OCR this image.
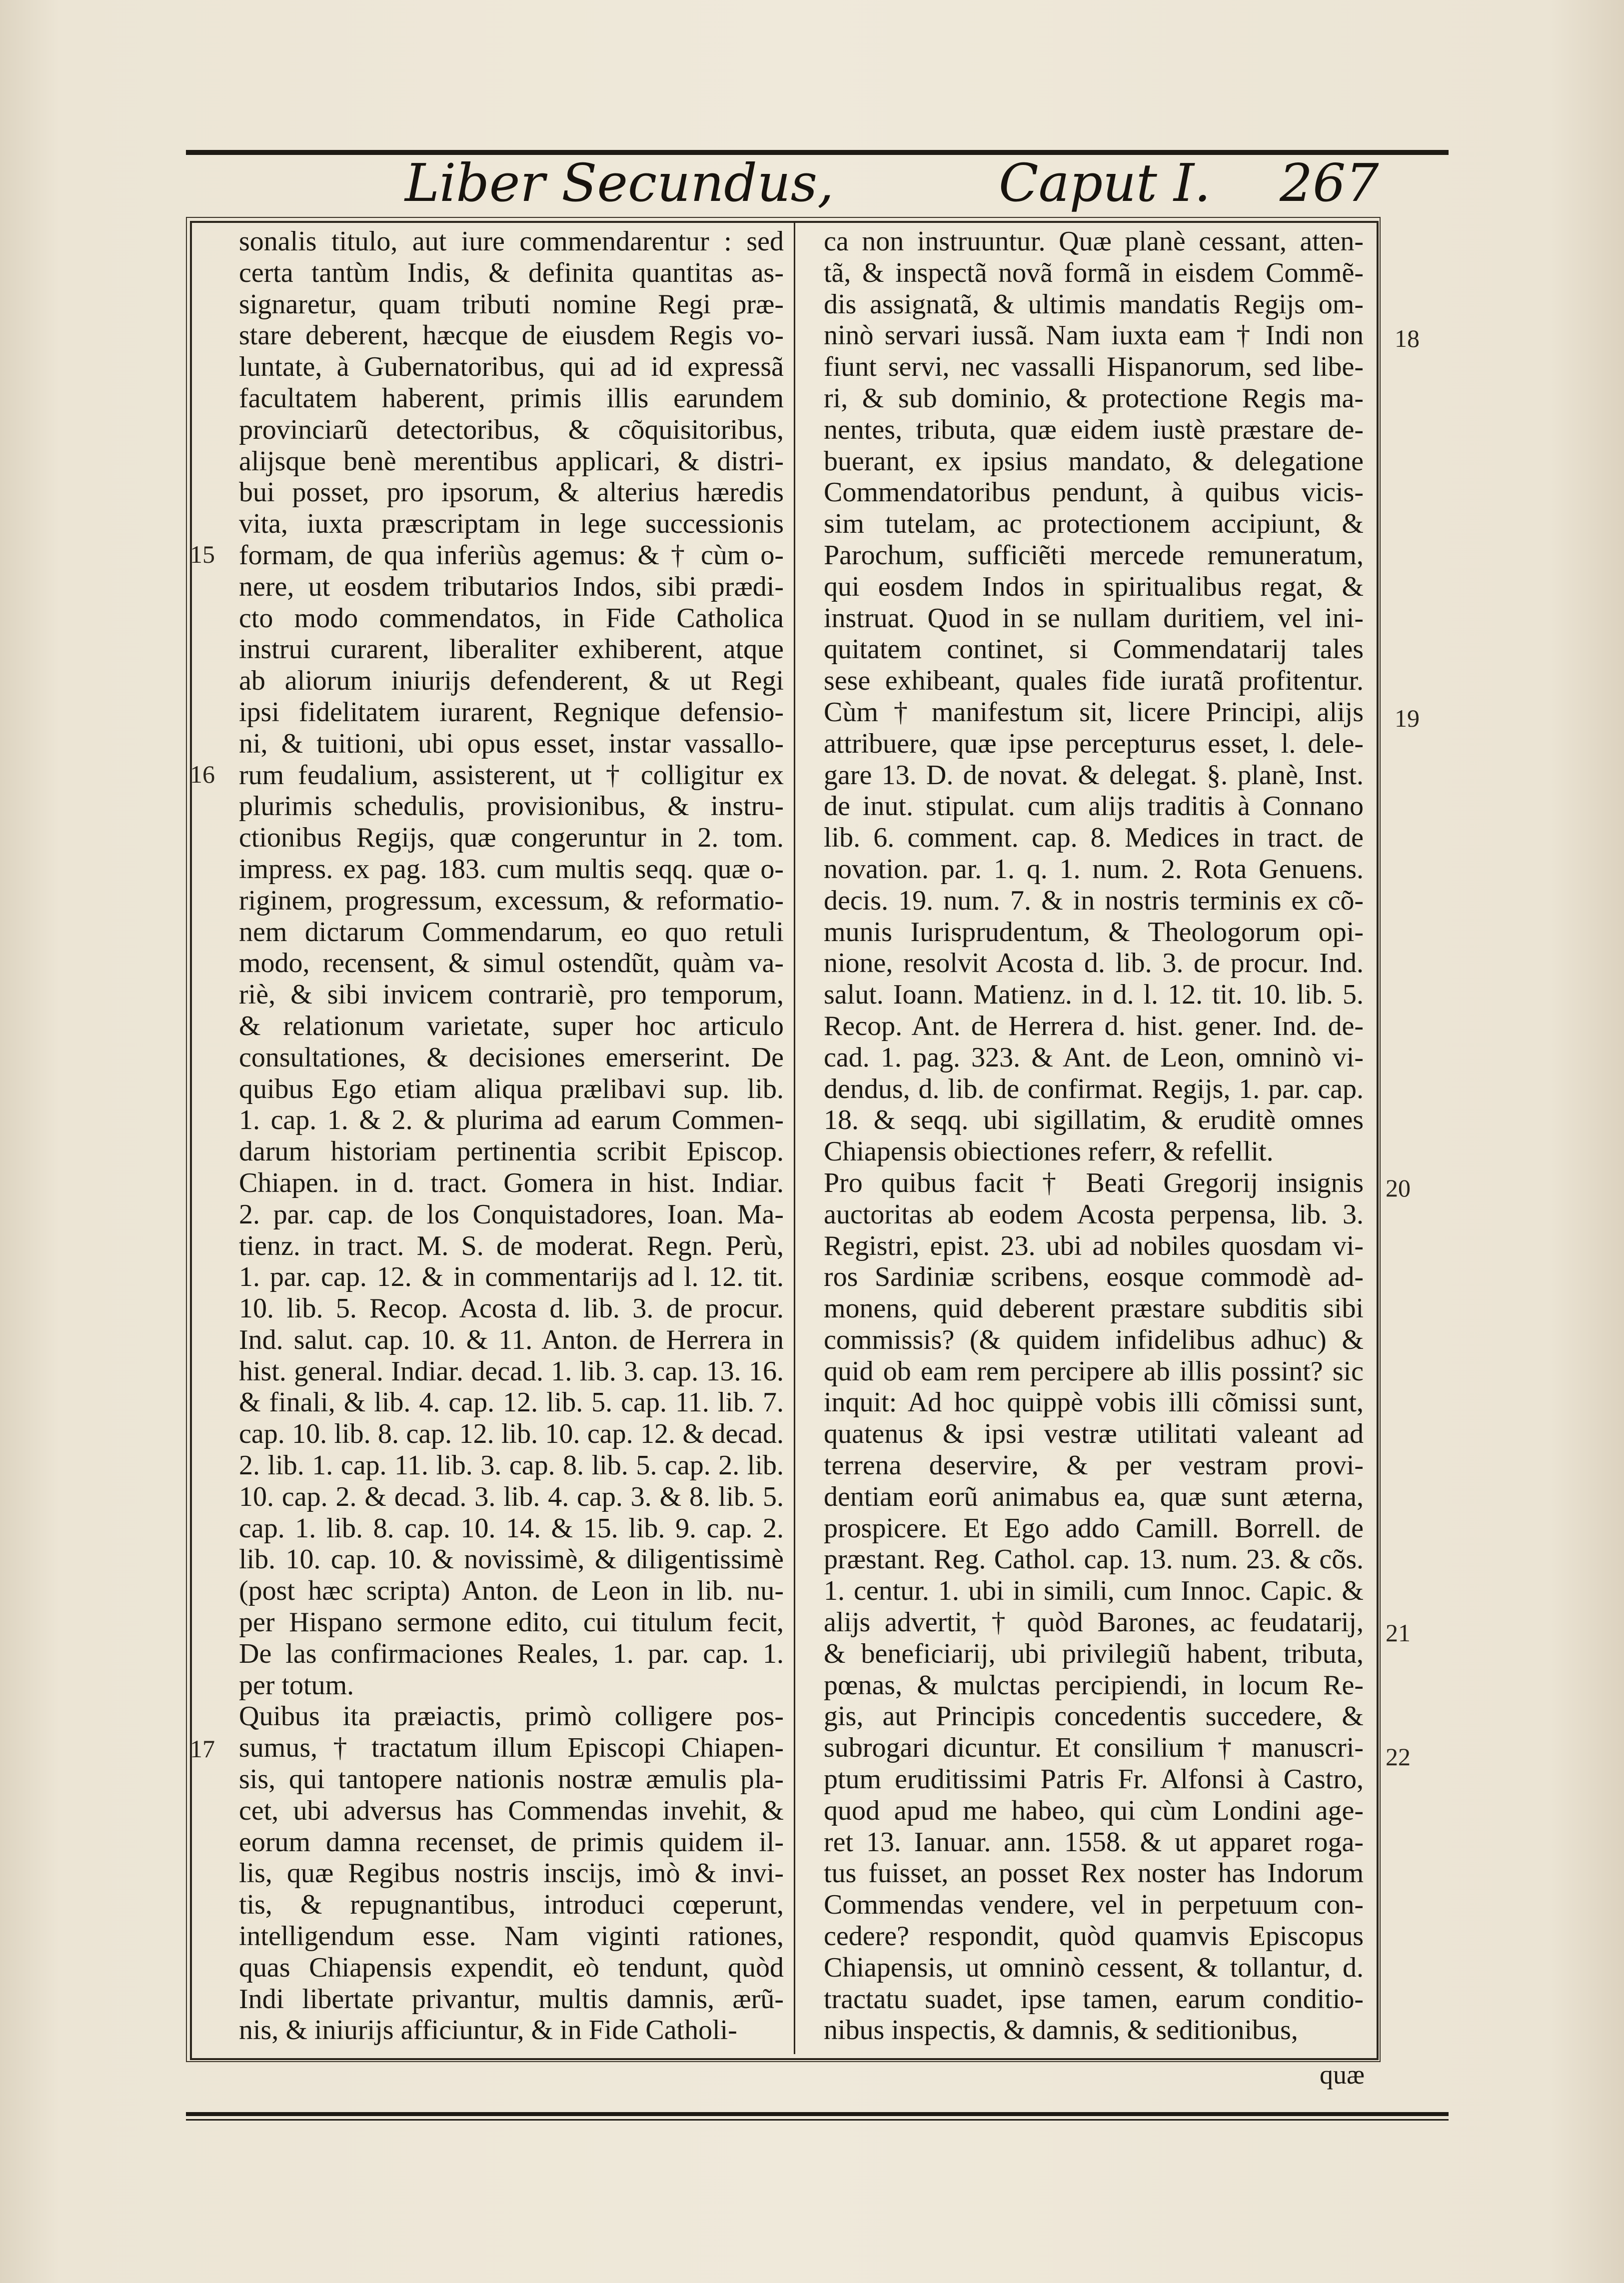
Liber Secundus,	Caput I. 267
sonalis titulo, aut iure commendarentur : sed
certa tantùm Indis, & definita quantitas as-
signaretur, quam tributi nomine Regi præ-
stare deberent, hæcque de eiusdem Regis vo-
luntate, à Gubernatoribus, qui ad id expressã
facultatem haberent, primis illis earundem
provinciarũ detectoribus, & cõquisitoribus,
alijsque benè merentibus applicari, & distri-
bui posset, pro ipsorum, & alterius hæredis
vita, iuxta præscriptam in lege successionis
formam, de qua inferiùs agemus: & † cùm o-
nere, ut eosdem tributarios Indos, sibi prædi-
cto modo commendatos, in Fide Catholica
instrui curarent, liberaliter exhiberent, atque
ab aliorum iniurijs defenderent, & ut Regi
ipsi fidelitatem iurarent, Regnique defensio-
ni, & tuitioni, ubi opus esset, instar vassallo-
rum feudalium, assisterent, ut † colligitur ex
plurimis schedulis, provisionibus, & instru-
ctionibus Regijs, quæ congeruntur in 2. tom.
impress. ex pag. 183. cum multis seqq. quæ o-
riginem, progressum, excessum, & reformatio-
nem dictarum Commendarum, eo quo retuli
modo, recensent, & simul ostendũt, quàm va-
riè, & sibi invicem contrariè, pro temporum,
& relationum varietate, super hoc articulo
consultationes, & decisiones emerserint. De
quibus Ego etiam aliqua prælibavi sup. lib.
1. cap. 1. & 2. & plurima ad earum Commen-
darum historiam pertinentia scribit Episcop.
Chiapen. in d. tract. Gomera in hist. Indiar.
2. par. cap. de los Conquistadores, Ioan. Ma-
tienz. in tract. M. S. de moderat. Regn. Perù,
1. par. cap. 12. & in commentarijs ad l. 12. tit.
10. lib. 5. Recop. Acosta d. lib. 3. de procur.
Ind. salut. cap. 10. & 11. Anton. de Herrera in
hist. general. Indiar. decad. 1. lib. 3. cap. 13. 16.
& finali, & lib. 4. cap. 12. lib. 5. cap. 11. lib. 7.
cap. 10. lib. 8. cap. 12. lib. 10. cap. 12. & decad.
2. lib. 1. cap. 11. lib. 3. cap. 8. lib. 5. cap. 2. lib.
10. cap. 2. & decad. 3. lib. 4. cap. 3. & 8. lib. 5.
cap. 1. lib. 8. cap. 10. 14. & 15. lib. 9. cap. 2.
lib. 10. cap. 10. & novissimè, & diligentissimè
(post hæc scripta) Anton. de Leon in lib. nu-
per Hispano sermone edito, cui titulum fecit,
De las confirmaciones Reales, 1. par. cap. 1.
per totum.
Quibus ita præiactis, primò colligere pos-
sumus, † tractatum illum Episcopi Chiapen-
sis, qui tantopere nationis nostræ æmulis pla-
cet, ubi adversus has Commendas invehit, &
eorum damna recenset, de primis quidem il-
lis, quæ Regibus nostris inscijs, imò & invi-
tis, & repugnantibus, introduci cœperunt,
intelligendum esse. Nam viginti rationes,
quas Chiapensis expendit, eò tendunt, quòd
Indi libertate privantur, multis damnis, ærũ-
nis, & iniurijs afficiuntur, & in Fide Catholi-
ca non instruuntur. Quæ planè cessant, atten-
tã, & inspectã novã formã in eisdem Commẽ-
dis assignatã, & ultimis mandatis Regijs om-
ninò servari iussã. Nam iuxta eam † Indi non
fiunt servi, nec vassalli Hispanorum, sed libe-
ri, & sub dominio, & protectione Regis ma-
nentes, tributa, quæ eidem iustè præstare de-
buerant, ex ipsius mandato, & delegatione
Commendatoribus pendunt, à quibus vicis-
sim tutelam, ac protectionem accipiunt, &
Parochum, sufficiẽti mercede remuneratum,
qui eosdem Indos in spiritualibus regat, &
instruat. Quod in se nullam duritiem, vel ini-
quitatem continet, si Commendatarij tales
sese exhibeant, quales fide iuratã profitentur.
Cùm † manifestum sit, licere Principi, alijs
attribuere, quæ ipse percepturus esset, l. dele-
gare 13. D. de novat. & delegat. §. planè, Inst.
de inut. stipulat. cum alijs traditis à Connano
lib. 6. comment. cap. 8. Medices in tract. de
novation. par. 1. q. 1. num. 2. Rota Genuens.
decis. 19. num. 7. & in nostris terminis ex cõ-
munis Iurisprudentum, & Theologorum opi-
nione, resolvit Acosta d. lib. 3. de procur. Ind.
salut. Ioann. Matienz. in d. l. 12. tit. 10. lib. 5.
Recop. Ant. de Herrera d. hist. gener. Ind. de-
cad. 1. pag. 323. & Ant. de Leon, omninò vi-
dendus, d. lib. de confirmat. Regijs, 1. par. cap.
18. & seqq. ubi sigillatim, & eruditè omnes
Chiapensis obiectiones referr, & refellit.
Pro quibus facit † Beati Gregorij insignis
auctoritas ab eodem Acosta perpensa, lib. 3.
Registri, epist. 23. ubi ad nobiles quosdam vi-
ros Sardiniæ scribens, eosque commodè ad-
monens, quid deberent præstare subditis sibi
commissis? (& quidem infidelibus adhuc) &
quid ob eam rem percipere ab illis possint? sic
inquit: Ad hoc quippè vobis illi cõmissi sunt,
quatenus & ipsi vestræ utilitati valeant ad
terrena deservire, & per vestram provi-
dentiam eorũ animabus ea, quæ sunt æterna,
prospicere. Et Ego addo Camill. Borrell. de
præstant. Reg. Cathol. cap. 13. num. 23. & cõs.
1. centur. 1. ubi in simili, cum Innoc. Capic. &
alijs advertit, † quòd Barones, ac feudatarij,
& beneficiarij, ubi privilegiũ habent, tributa,
pœnas, & mulctas percipiendi, in locum Re-
gis, aut Principis concedentis succedere, &
subrogari dicuntur. Et consilium † manuscri-
ptum eruditissimi Patris Fr. Alfonsi à Castro,
quod apud me habeo, qui cùm Londini age-
ret 13. Ianuar. ann. 1558. & ut apparet roga-
tus fuisset, an posset Rex noster has Indorum
Commendas vendere, vel in perpetuum con-
cedere? respondit, quòd quamvis Episcopus
Chiapensis, ut omninò cessent, & tollantur, d.
tractatu suadet, ipse tamen, earum conditio-
nibus inspectis, & damnis, & seditionibus,
15
16
17
18
19
20
21
22
quæ
